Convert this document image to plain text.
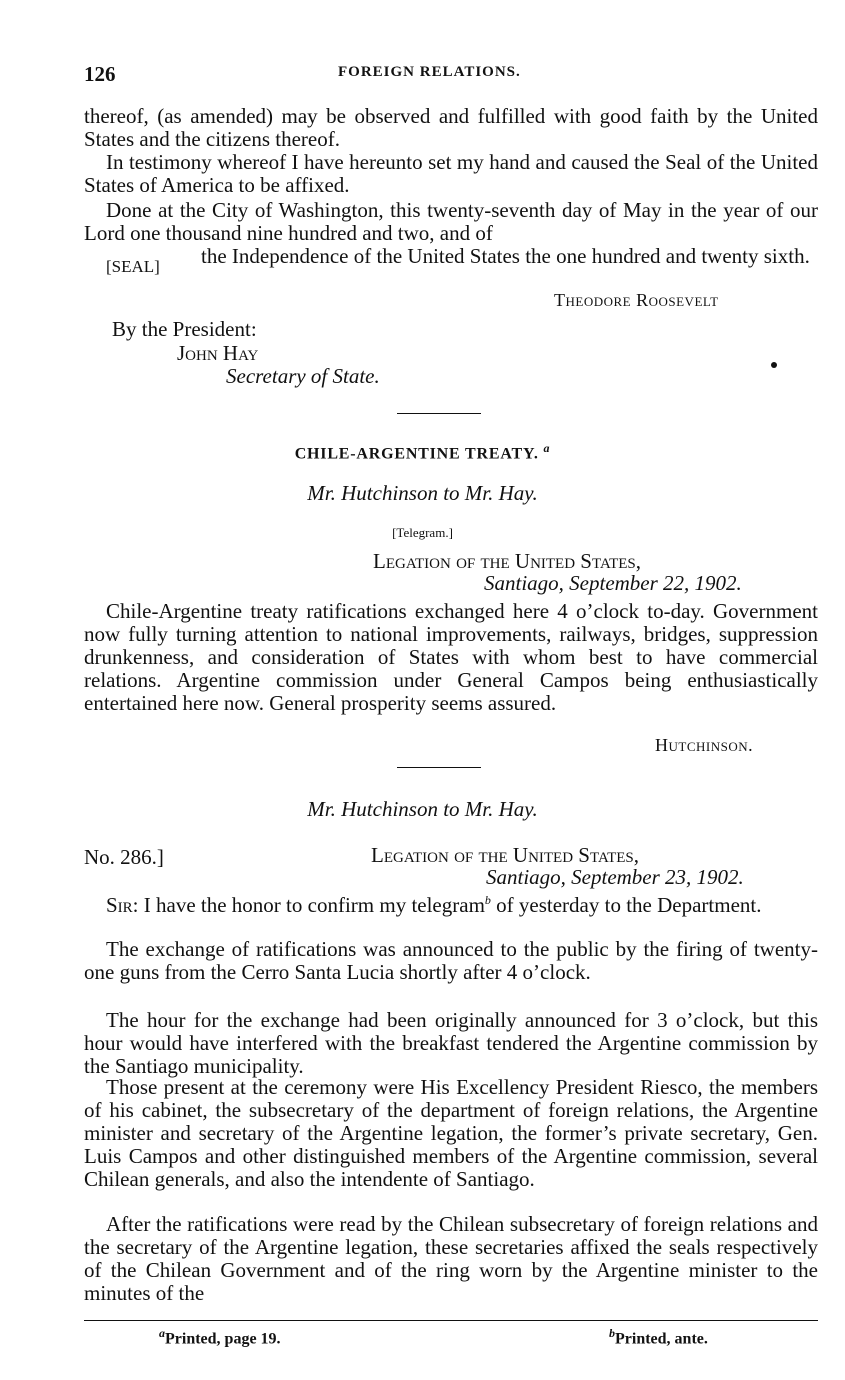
126	FOREIGN RELATIONS.

thereof, (as amended) may be observed and fulfilled with good faith by the United States and the citizens thereof.

In testimony whereof I have hereunto set my hand and caused the Seal of the United States of America to be affixed.

Done at the City of Washington, this twenty-seventh day of May in the year of our Lord one thousand nine hundred and two, and of

[SEAL] the Independence of the United States the one hundred and twenty sixth.
Theodore Roosevelt
By the President:
John Hay
Secretary of State.
CHILE-ARGENTINE TREATY. $^a$
Mr. Hutchinson to Mr. Hay.
[Telegram.]
Legation of the United States,
Santiago, September 22, 1902.

Chile-Argentine treaty ratifications exchanged here 4 o’clock to-day. Government now fully turning attention to national improvements, railways, bridges, suppression drunkenness, and consideration of States with whom best to have commercial relations. Argentine commission under General Campos being enthusiastically entertained here now. General prosperity seems assured.

Hutchinson.
Mr. Hutchinson to Mr. Hay.
No. 286.]	Legation of the United States,
Santiago, September 23, 1902.

Sir: I have the honor to confirm my telegram$^b$ of yesterday to the Department.

The exchange of ratifications was announced to the public by the firing of twenty-one guns from the Cerro Santa Lucia shortly after 4 o’clock.

The hour for the exchange had been originally announced for 3 o’clock, but this hour would have interfered with the breakfast tendered the Argentine commission by the Santiago municipality.

Those present at the ceremony were His Excellency President Riesco, the members of his cabinet, the subsecretary of the department of foreign relations, the Argentine minister and secretary of the Argentine legation, the former’s private secretary, Gen. Luis Campos and other distinguished members of the Argentine commission, several Chilean generals, and also the intendente of Santiago.

After the ratifications were read by the Chilean subsecretary of foreign relations and the secretary of the Argentine legation, these secretaries affixed the seals respectively of the Chilean Government and of the ring worn by the Argentine minister to the minutes of the

$^a$Printed, page 19.	$^b$Printed, ante.
